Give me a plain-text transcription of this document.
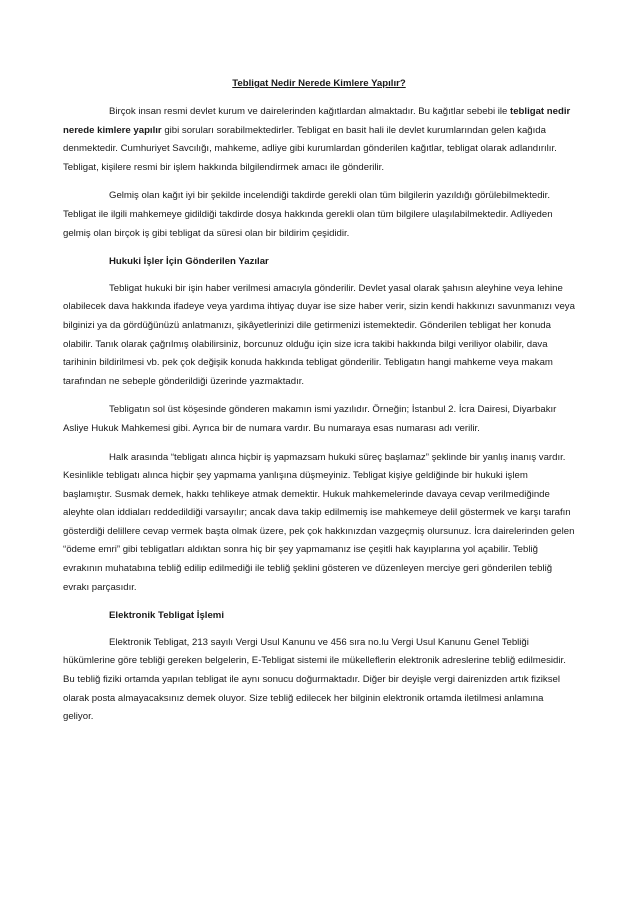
Tebligat Nedir Nerede Kimlere Yapılır?

Birçok insan resmi devlet kurum ve dairelerinden kağıtlardan almaktadır. Bu kağıtlar sebebi ile tebligat nedir nerede kimlere yapılır gibi soruları sorabilmektedirler. Tebligat en basit hali ile devlet kurumlarından gelen kağıda denmektedir. Cumhuriyet Savcılığı, mahkeme, adliye gibi kurumlardan gönderilen kağıtlar, tebligat olarak adlandırılır. Tebligat, kişilere resmi bir işlem hakkında bilgilendirmek amacı ile gönderilir.

Gelmiş olan kağıt iyi bir şekilde incelendiği takdirde gerekli olan tüm bilgilerin yazıldığı görülebilmektedir. Tebligat ile ilgili mahkemeye gidildiği takdirde dosya hakkında gerekli olan tüm bilgilere ulaşılabilmektedir. Adliyeden gelmiş olan birçok iş gibi tebligat da süresi olan bir bildirim çeşididir.

Hukuki İşler İçin Gönderilen Yazılar

Tebligat hukuki bir işin haber verilmesi amacıyla gönderilir. Devlet yasal olarak şahısın aleyhine veya lehine olabilecek dava hakkında ifadeye veya yardıma ihtiyaç duyar ise size haber verir, sizin kendi hakkınızı savunmanızı veya bilginizi ya da gördüğünüzü anlatmanızı, şikâyetlerinizi dile getirmenizi istemektedir. Gönderilen tebligat her konuda olabilir. Tanık olarak çağrılmış olabilirsiniz, borcunuz olduğu için size icra takibi hakkında bilgi veriliyor olabilir, dava tarihinin bildirilmesi vb. pek çok değişik konuda hakkında tebligat gönderilir. Tebligatın hangi mahkeme veya makam tarafından ne sebeple gönderildiği üzerinde yazmaktadır.

Tebligatın sol üst köşesinde gönderen makamın ismi yazılıdır. Örneğin; İstanbul 2. İcra Dairesi, Diyarbakır Asliye Hukuk Mahkemesi gibi. Ayrıca bir de numara vardır. Bu numaraya esas numarası adı verilir.

Halk arasında “tebligatı alınca hiçbir iş yapmazsam hukuki süreç başlamaz” şeklinde bir yanlış inanış vardır. Kesinlikle tebligatı alınca hiçbir şey yapmama yanlışına düşmeyiniz. Tebligat kişiye geldiğinde bir hukuki işlem başlamıştır. Susmak demek, hakkı tehlikeye atmak demektir. Hukuk mahkemelerinde davaya cevap verilmediğinde aleyhte olan iddiaları reddedildiği varsayılır; ancak dava takip edilmemiş ise mahkemeye delil göstermek ve karşı tarafın gösterdiği delillere cevap vermek başta olmak üzere, pek çok hakkınızdan vazgeçmiş olursunuz. İcra dairelerinden gelen “ödeme emri” gibi tebligatları aldıktan sonra hiç bir şey yapmamanız ise çeşitli hak kayıplarına yol açabilir. Tebliğ evrakının muhatabına tebliğ edilip edilmediği ile tebliğ şeklini gösteren ve düzenleyen merciye geri gönderilen tebliğ evrakı parçasıdır.

Elektronik Tebligat İşlemi

Elektronik Tebligat, 213 sayılı Vergi Usul Kanunu ve 456 sıra no.lu Vergi Usul Kanunu Genel Tebliği hükümlerine göre tebliği gereken belgelerin, E-Tebligat sistemi ile mükelleflerin elektronik adreslerine tebliğ edilmesidir. Bu tebliğ fiziki ortamda yapılan tebligat ile aynı sonucu doğurmaktadır. Diğer bir deyişle vergi dairenizden artık fiziksel olarak posta almayacaksınız demek oluyor. Size tebliğ edilecek her bilginin elektronik ortamda iletilmesi anlamına geliyor.
